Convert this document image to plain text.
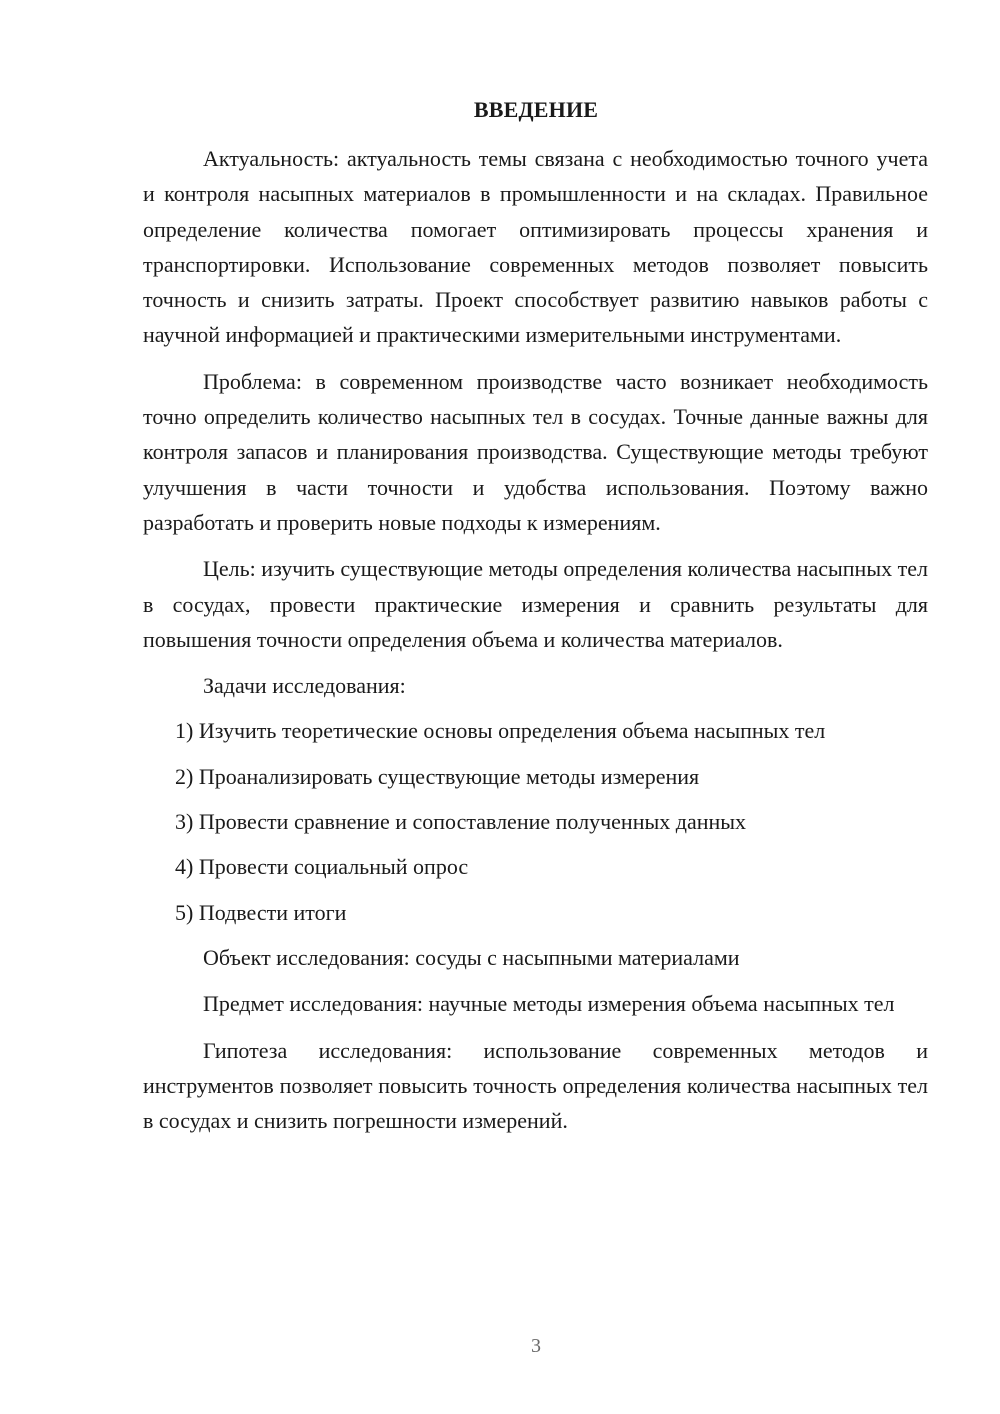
ВВЕДЕНИЕ

Актуальность: актуальность темы связана с необходимостью точного учета и контроля насыпных материалов в промышленности и на складах. Правильное определение количества помогает оптимизировать процессы хранения и транспортировки. Использование современных методов позволяет повысить точность и снизить затраты. Проект способствует развитию навыков работы с научной информацией и практическими измерительными инструментами.

Проблема: в современном производстве часто возникает необходимость точно определить количество насыпных тел в сосудах. Точные данные важны для контроля запасов и планирования производства. Существующие методы требуют улучшения в части точности и удобства использования. Поэтому важно разработать и проверить новые подходы к измерениям.

Цель: изучить существующие методы определения количества насыпных тел в сосудах, провести практические измерения и сравнить результаты для повышения точности определения объема и количества материалов.

Задачи исследования:

1) Изучить теоретические основы определения объема насыпных тел

2) Проанализировать существующие методы измерения

3) Провести сравнение и сопоставление полученных данных

4) Провести социальный опрос

5) Подвести итоги

Объект исследования: сосуды с насыпными материалами

Предмет исследования: научные методы измерения объема насыпных тел

Гипотеза исследования: использование современных методов и инструментов позволяет повысить точность определения количества насыпных тел в сосудах и снизить погрешности измерений.

3
